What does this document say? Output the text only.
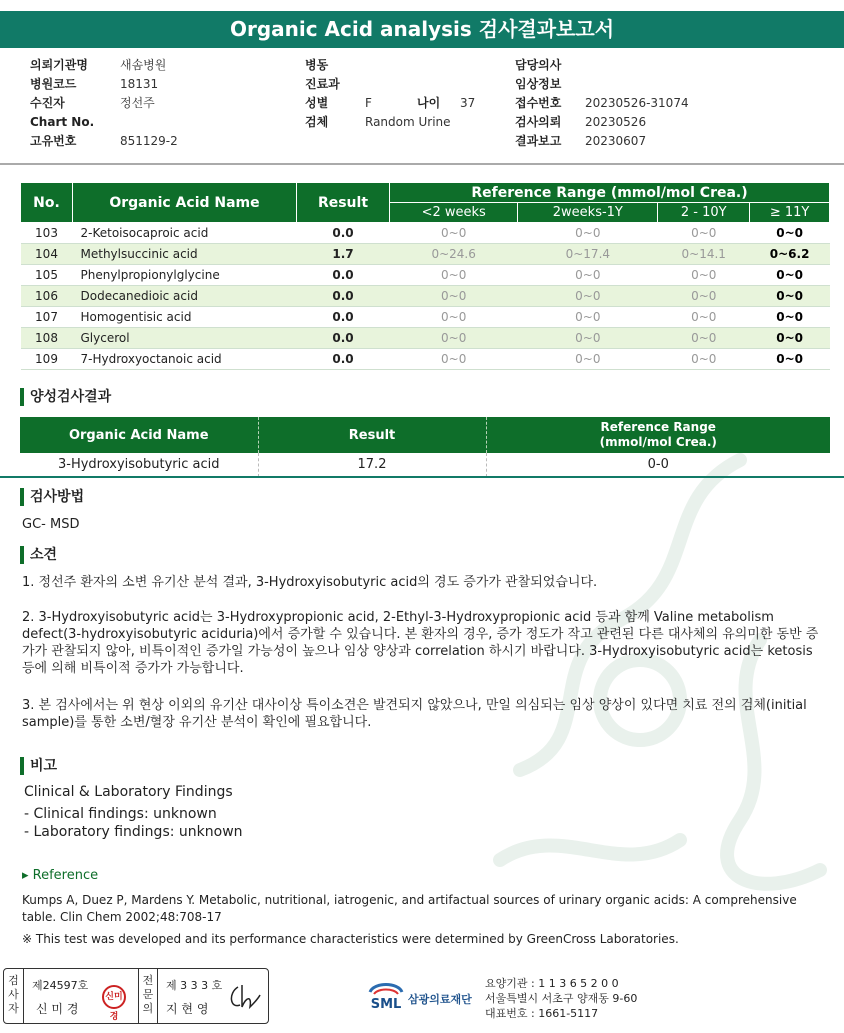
Organic Acid analysis 검사결과보고서
의뢰기관명	새솜병원
병원코드	18131
수진자	정선주
Chart No.
고유번호	851129-2
병동
진료과
성별	F	나이 37
검체	Random Urine
담당의사
임상정보
접수번호 20230526-31074
검사의뢰 20230526
결과보고 20230607
No.	Organic Acid Name	Result	Reference Range (mmol/mol Crea.)			
			<2 weeks	2weeks-1Y	2 - 10Y	≥ 11Y
103	2-Ketoisocaproic acid	0.0	0~0	0~0	0~0	0~0
104	Methylsuccinic acid	1.7	0~24.6	0~17.4	0~14.1	0~6.2
105	Phenylpropionylglycine	0.0	0~0	0~0	0~0	0~0
106	Dodecanedioic acid	0.0	0~0	0~0	0~0	0~0
107	Homogentisic acid	0.0	0~0	0~0	0~0	0~0
108	Glycerol	0.0	0~0	0~0	0~0	0~0
109	7-Hydroxyoctanoic acid	0.0	0~0	0~0	0~0	0~0
양성검사결과
Organic Acid Name	Result	Reference Range
(mmol/mol Crea.)

3-Hydroxyisobutyric acid	17.2	0-0
검사방법
GC- MSD
소견
1. 정선주 환자의 소변 유기산 분석 결과, 3-Hydroxyisobutyric acid의 경도 증가가 관찰되었습니다.
2. 3-Hydroxyisobutyric acid는 3-Hydroxypropionic acid, 2-Ethyl-3-Hydroxypropionic acid 등과 함께 Valine metabolism defect(3-hydroxyisobutyric aciduria)에서 증가할 수 있습니다. 본 환자의 경우, 증가 정도가 작고 관련된 다른 대사체의 유의미한 동반 증가가 관찰되지 않아, 비특이적인 증가일 가능성이 높으나 임상 양상과 correlation 하시기 바랍니다. 3-Hydroxyisobutyric acid는 ketosis 등에 의해 비특이적 증가가 가능합니다.
3. 본 검사에서는 위 현상 이외의 유기산 대사이상 특이소견은 발견되지 않았으나, 만일 의심되는 임상 양상이 있다면 치료 전의 검체(initial sample)를 통한 소변/혈장 유기산 분석이 확인에 필요합니다.
비고
Clinical & Laboratory Findings
- Clinical findings: unknown
- Laboratory findings: unknown
▸ Reference
Kumps A, Duez P, Mardens Y. Metabolic, nutritional, iatrogenic, and artifactual sources of urinary organic acids: A comprehensive table. Clin Chem 2002;48:708-17
※ This test was developed and its performance characteristics were determined by GreenCross Laboratories.
검사자
제24597호
신 미 경
신미경
전문의
제 3 3 3 호
지 현 영	SML 삼광의료재단
요양기관 : 1 1 3 6 5 2 0 0
서울특별시 서초구 양재동 9-60
대표번호 : 1661-5117
